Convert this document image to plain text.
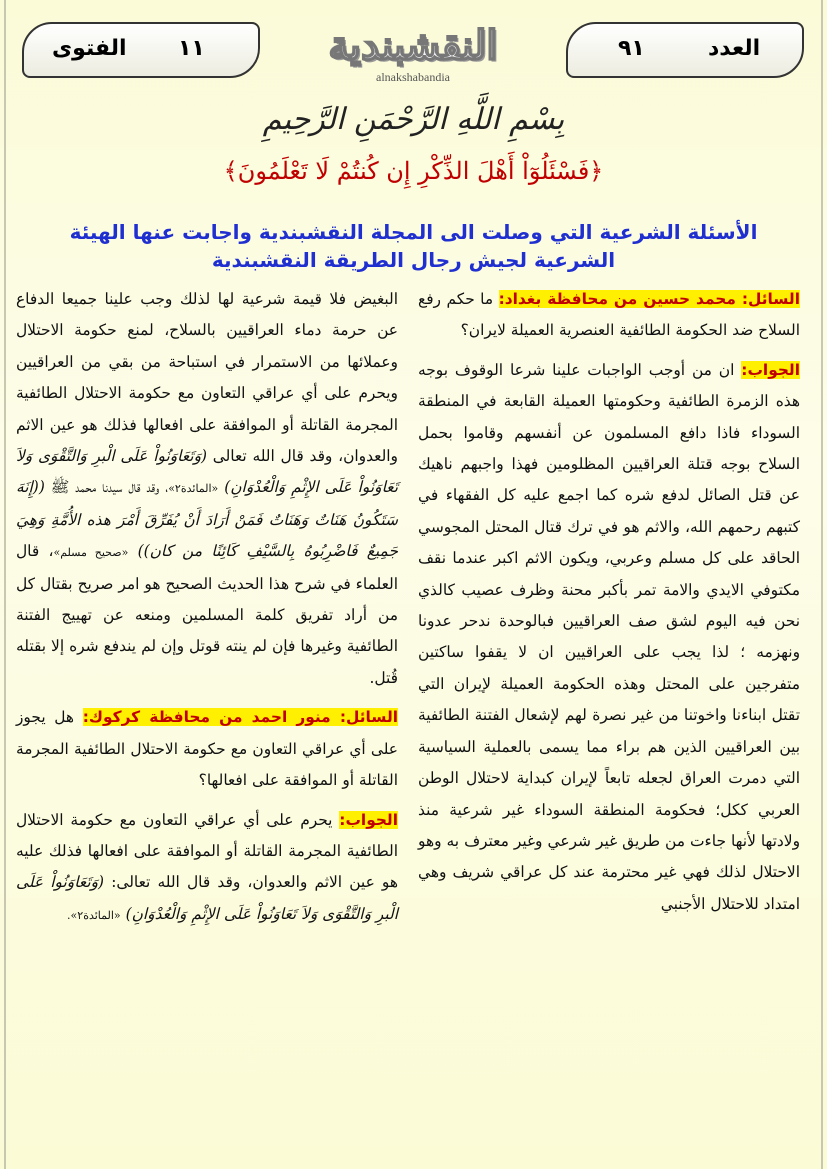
العدد
٩١
الفتوى ١١	النقشبندية
alnakshabandia
بِسْمِ اللَّهِ الرَّحْمَنِ الرَّحِيمِ
﴿فَسْئَلُوٓاْ أَهْلَ الذِّكْرِ إِن كُنتُمْ لَا تَعْلَمُونَ﴾
الأسئلة الشرعية التي وصلت الى المجلة النقشبندية واجابت عنها الهيئة الشرعية لجيش رجال الطريقة النقشبندية

السائل: محمد حسين من محافظة بغداد: ما حكم رفع السلاح ضد الحكومة الطائفية العنصرية العميلة لايران؟

الجواب: ان من أوجب الواجبات علينا شرعا الوقوف بوجه هذه الزمرة الطائفية وحكومتها العميلة القابعة في المنطقة السوداء فاذا دافع المسلمون عن أنفسهم وقاموا بحمل السلاح بوجه قتلة العراقيين المظلومين فهذا واجبهم ناهيك عن قتل الصائل لدفع شره كما اجمع عليه كل الفقهاء في كتبهم رحمهم الله، والاثم هو في ترك قتال المحتل المجوسي الحاقد على كل مسلم وعربي، ويكون الاثم اكبر عندما نقف مكتوفي الايدي والامة تمر بأكبر محنة وظرف عصيب كالذي نحن فيه اليوم لشق صف العراقيين فبالوحدة ندحر عدونا ونهزمه ؛ لذا يجب على العراقيين ان لا يقفوا ساكتين متفرجين على المحتل وهذه الحكومة العميلة لإيران التي تقتل ابناءنا واخوتنا من غير نصرة لهم لإشعال الفتنة الطائفية بين العراقيين الذين هم براء مما يسمى بالعملية السياسية التي دمرت العراق لجعله تابعاً لإيران كبداية لاحتلال الوطن العربي ككل؛ فحكومة المنطقة السوداء غير شرعية منذ ولادتها لأنها جاءت من طريق غير شرعي وغير معترف به وهو الاحتلال لذلك فهي غير محترمة عند كل عراقي شريف وهي امتداد للاحتلال الأجنبي

البغيض فلا قيمة شرعية لها لذلك وجب علينا جميعا الدفاع عن حرمة دماء العراقيين بالسلاح، لمنع حكومة الاحتلال وعملائها من الاستمرار في استباحة من بقي من العراقيين ويحرم على أي عراقي التعاون مع حكومة الاحتلال الطائفية المجرمة القاتلة أو الموافقة على افعالها فذلك هو عين الاثم والعدوان، وقد قال الله تعالى (وَتَعَاوَنُواْ عَلَى الْبرِ وَالتَّقْوَى وَلاَ تَعَاوَنُواْ عَلَى الإِثْمِ وَالْعُدْوَانِ) «المائدة٢»، وقد قال سيدنا محمد ﷺ ((إِنَهَ سَتَكُونُ هَنَاتٌ وَهَنَاتٌ فَمَنْ أَرَادَ أَنْ يُفَرِّقَ أَمْرَ هذه الأُمَّةِ وَهِيَ جَمِيعٌ فَاضْرِبُوهُ بِالسَّيْفِ كَائِنًا من كان)) «صحيح مسلم»، قال العلماء في شرح هذا الحديث الصحيح هو امر صريح بقتال كل من أراد تفريق كلمة المسلمين ومنعه عن تهييج الفتنة الطائفية وغيرها فإن لم ينته قوتل وإن لم يندفع شره إلا بقتله قُتل.

السائل: منور احمد من محافظة كركوك: هل يجوز على أي عراقي التعاون مع حكومة الاحتلال الطائفية المجرمة القاتلة أو الموافقة على افعالها؟

الجواب: يحرم على أي عراقي التعاون مع حكومة الاحتلال الطائفية المجرمة القاتلة أو الموافقة على افعالها فذلك عليه هو عين الاثم والعدوان، وقد قال الله تعالى: (وَتَعَاوَنُواْ عَلَى الْبرِ وَالتَّقْوَى وَلاَ تَعَاوَنُواْ عَلَى الإِثْمِ وَالْعُدْوَانِ) «المائدة٢».
